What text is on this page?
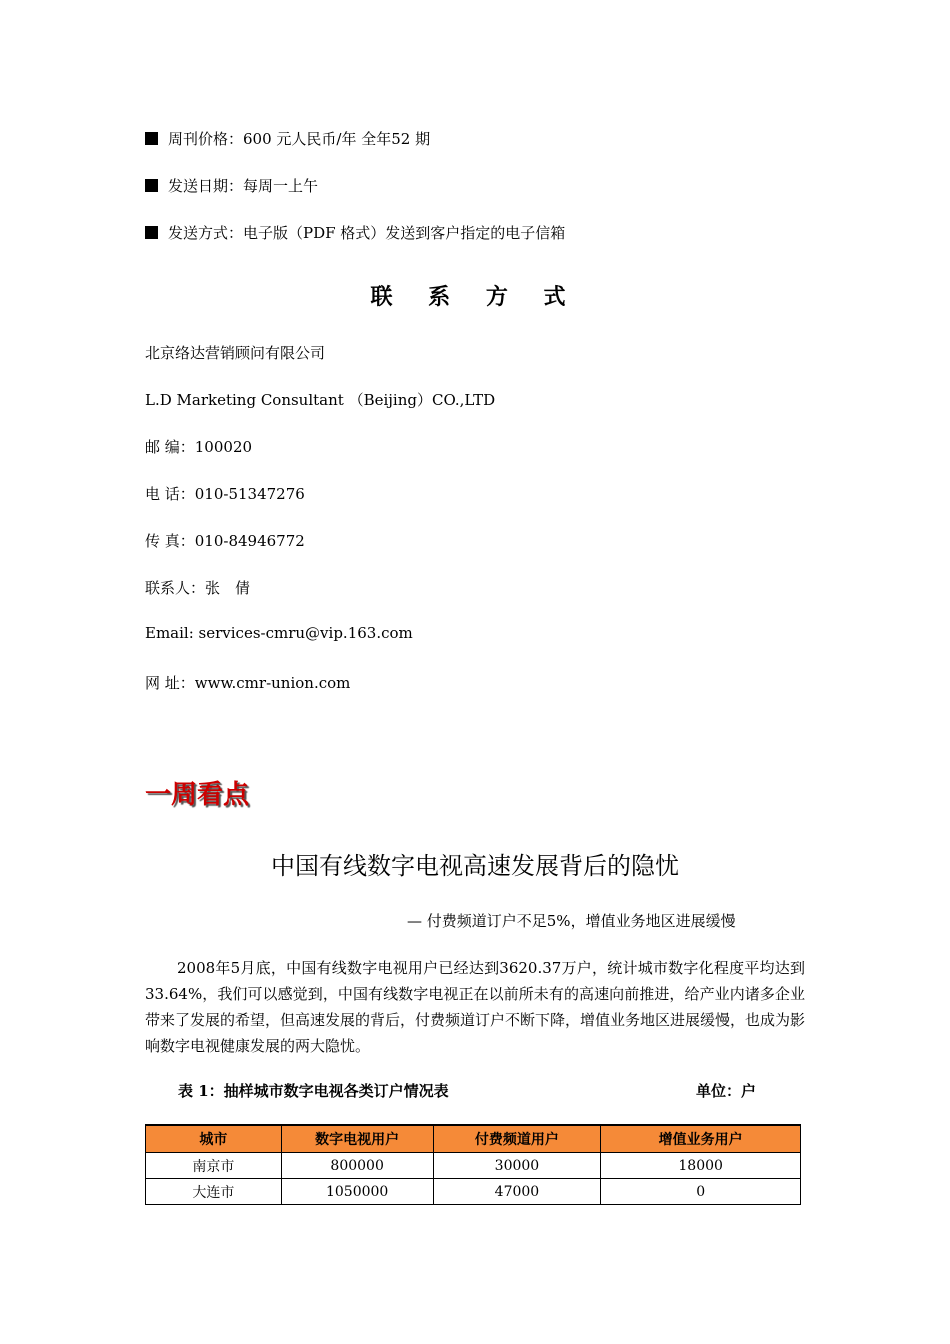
周刊价格：600 元人民币/年 全年52 期
发送日期：每周一上午
发送方式：电子版（PDF 格式）发送到客户指定的电子信箱
联 系 方 式
北京络达营销顾问有限公司
L.D Marketing Consultant （Beijing）CO.,LTD
邮 编：100020
电 话：010-51347276
传 真：010-84946772
联系人：张　倩
Email: services-cmru@vip.163.com
网 址：www.cmr-union.com
一周看点
中国有线数字电视高速发展背后的隐忧
— 付费频道订户不足5%，增值业务地区进展缓慢
2008年5月底，中国有线数字电视用户已经达到3620.37万户，统计城市数字化程度平均达到33.64%，我们可以感觉到，中国有线数字电视正在以前所未有的高速向前推进，给产业内诸多企业带来了发展的希望，但高速发展的背后，付费频道订户不断下降，增值业务地区进展缓慢，也成为影响数字电视健康发展的两大隐忧。
表 1：抽样城市数字电视各类订户情况表	单位：户
城市	数字电视用户	付费频道用户	增值业务用户
南京市	800000	30000	18000
大连市	1050000	47000	0
